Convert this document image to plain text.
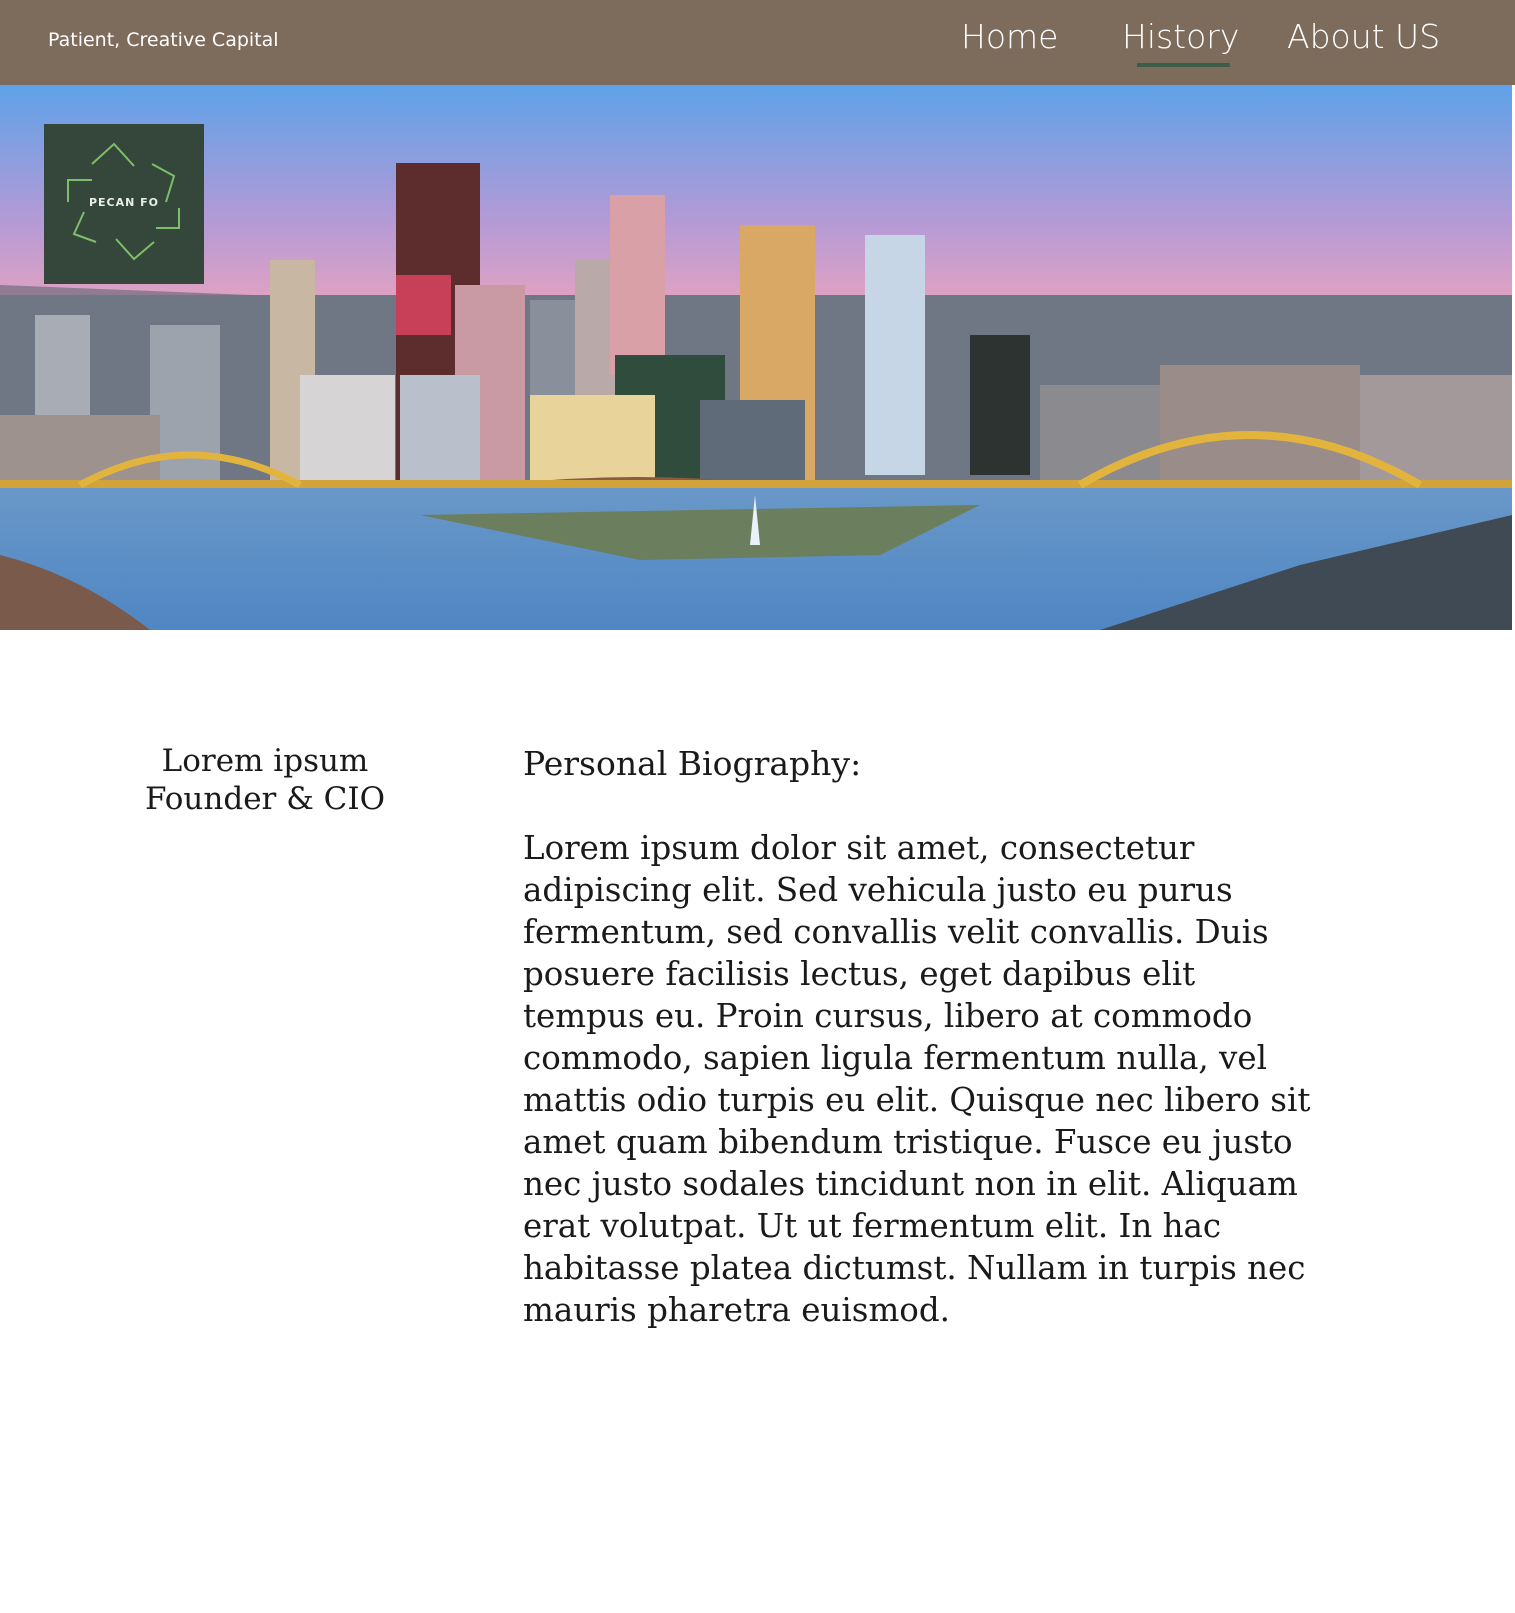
Patient, Creative Capital	Home History About US
PECAN FO
Lorem ipsum
Founder & CIO
Personal Biography:
Lorem ipsum dolor sit amet, consectetur adipiscing elit. Sed vehicula justo eu purus fermentum, sed convallis velit convallis. Duis posuere facilisis lectus, eget dapibus elit tempus eu. Proin cursus, libero at commodo commodo, sapien ligula fermentum nulla, vel mattis odio turpis eu elit. Quisque nec libero sit amet quam bibendum tristique. Fusce eu justo nec justo sodales tincidunt non in elit. Aliquam erat volutpat. Ut ut fermentum elit. In hac habitasse platea dictumst. Nullam in turpis nec mauris pharetra euismod.
